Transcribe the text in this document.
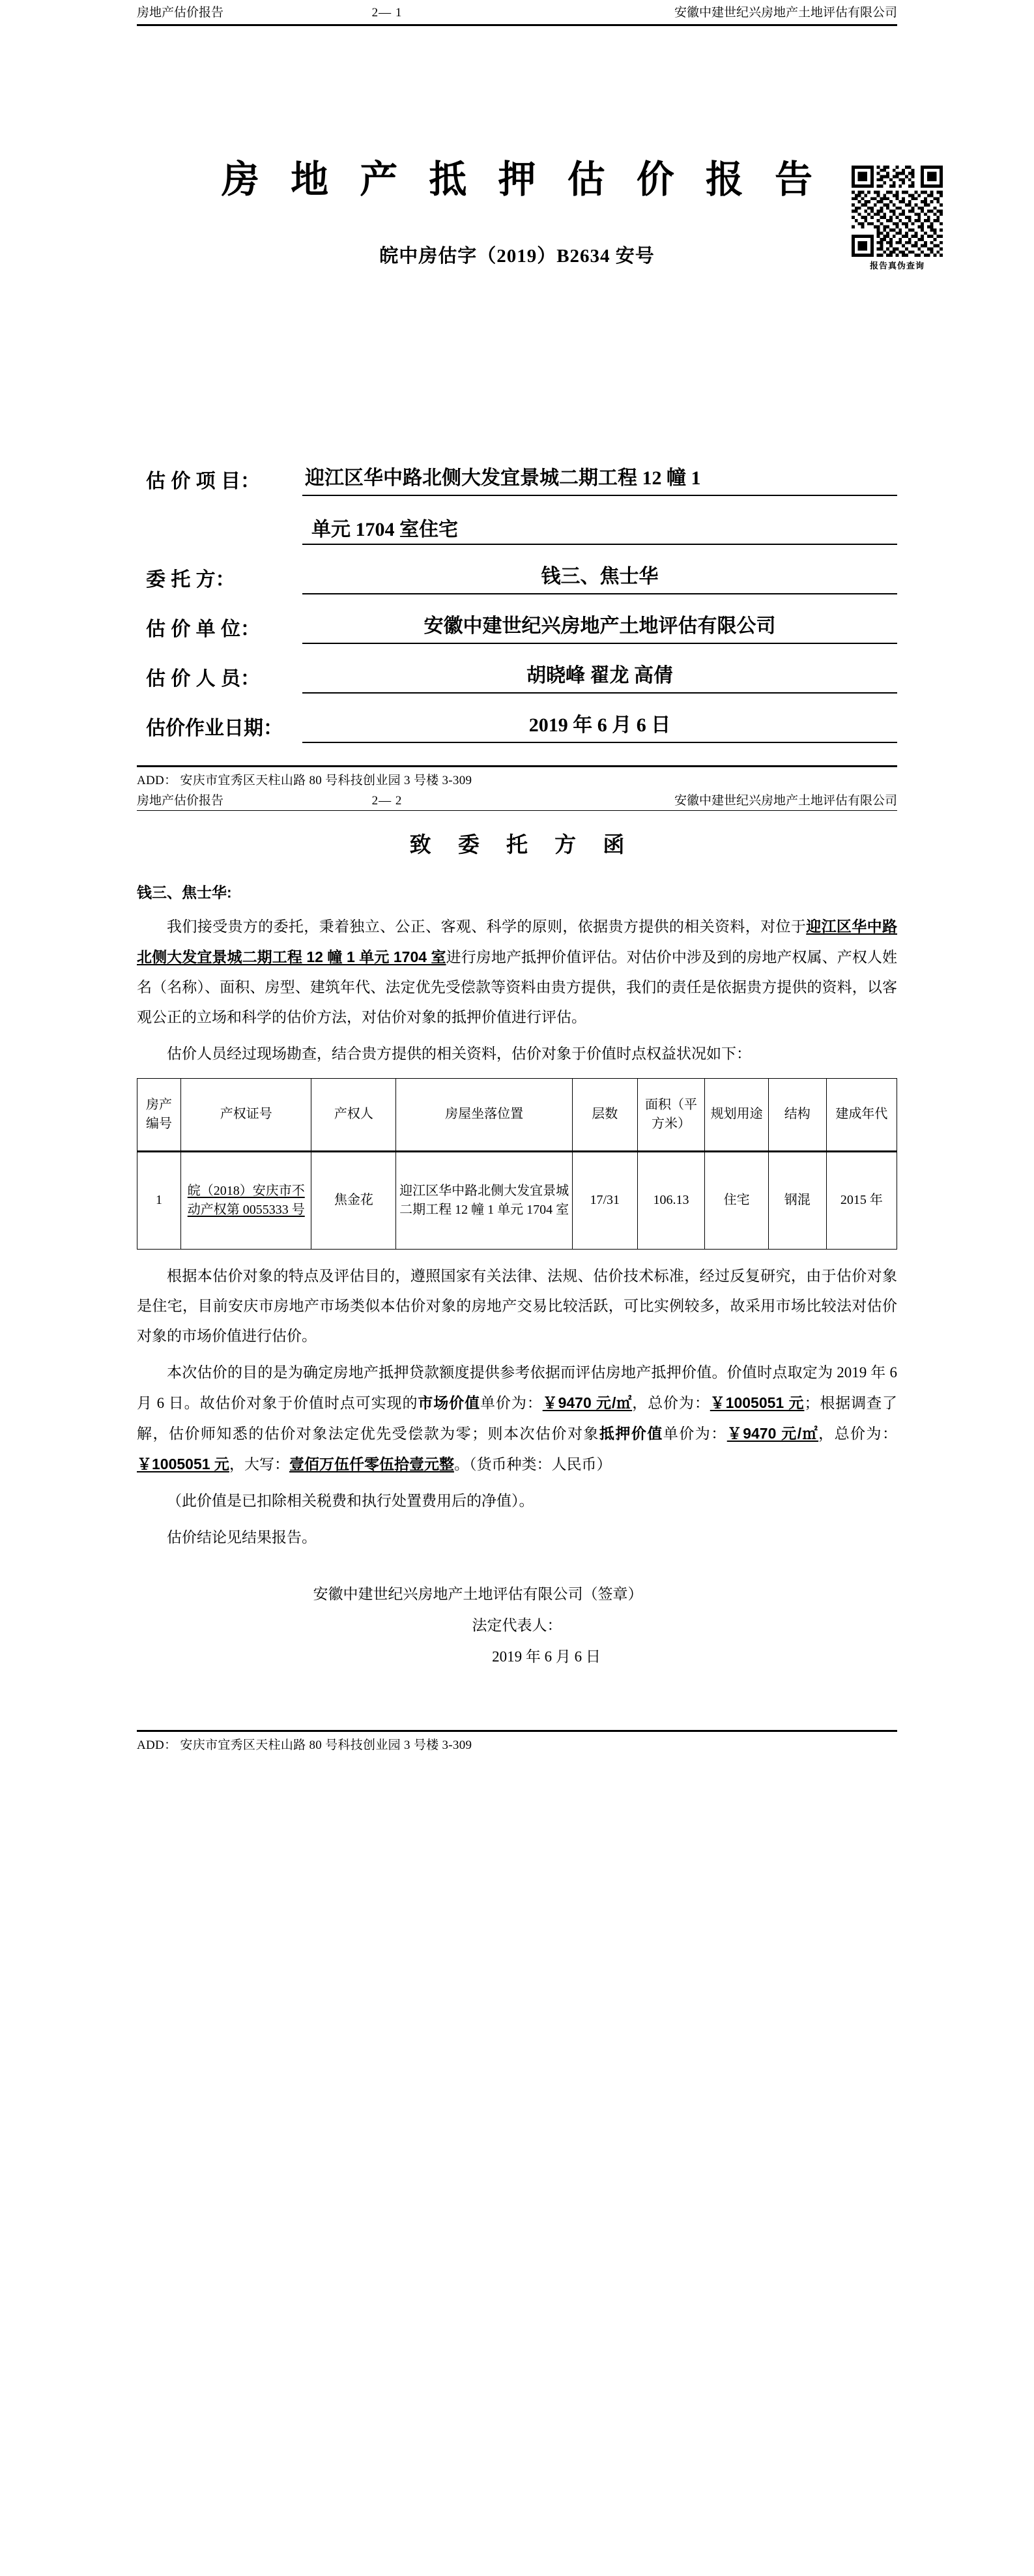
房地产估价报告	2— 1	安徽中建世纪兴房地产土地评估有限公司
报告真伪查询
房 地 产 抵 押 估 价 报 告
皖中房估字（2019）B2634 安号
估 价 项 目：	迎江区华中路北侧大发宜景城二期工程 12 幢 1
单元 1704 室住宅
委 托 方：	钱三、焦士华
估 价 单 位：	安徽中建世纪兴房地产土地评估有限公司
估 价 人 员：	胡晓峰 翟龙 高倩
估价作业日期：	2019 年 6 月 6 日
ADD： 安庆市宜秀区天柱山路 80 号科技创业园 3 号楼 3-309
房地产估价报告	2— 2	安徽中建世纪兴房地产土地评估有限公司
致 委 托 方 函
钱三、焦士华:

我们接受贵方的委托，秉着独立、公正、客观、科学的原则，依据贵方提供的相关资料，对位于迎江区华中路北侧大发宜景城二期工程 12 幢 1 单元 1704 室进行房地产抵押价值评估。对估价中涉及到的房地产权属、产权人姓名（名称）、面积、房型、建筑年代、法定优先受偿款等资料由贵方提供，我们的责任是依据贵方提供的资料，以客观公正的立场和科学的估价方法，对估价对象的抵押价值进行评估。

估价人员经过现场勘查，结合贵方提供的相关资料，估价对象于价值时点权益状况如下：

房产编号	产权证号	产权人	房屋坐落位置	层数	面积（平方米）	规划用途	结构	建成年代
1	皖（2018）安庆市不动产权第 0055333 号	焦金花	迎江区华中路北侧大发宜景城二期工程 12 幢 1 单元 1704 室	17/31	106.13	住宅	钢混	2015 年

根据本估价对象的特点及评估目的，遵照国家有关法律、法规、估价技术标准，经过反复研究，由于估价对象是住宅，目前安庆市房地产市场类似本估价对象的房地产交易比较活跃，可比实例较多，故采用市场比较法对估价对象的市场价值进行估价。

本次估价的目的是为确定房地产抵押贷款额度提供参考依据而评估房地产抵押价值。价值时点取定为 2019 年 6 月 6 日。故估价对象于价值时点可实现的市场价值单价为：￥9470 元/㎡，总价为：￥1005051 元；根据调查了解，估价师知悉的估价对象法定优先受偿款为零；则本次估价对象抵押价值单价为：￥9470 元/㎡，总价为：￥1005051 元，大写：壹佰万伍仟零伍拾壹元整。（货币种类：人民币）

（此价值是已扣除相关税费和执行处置费用后的净值）。

估价结论见结果报告。

安徽中建世纪兴房地产土地评估有限公司（签章）
法定代表人：
2019 年 6 月 6 日
ADD： 安庆市宜秀区天柱山路 80 号科技创业园 3 号楼 3-309
